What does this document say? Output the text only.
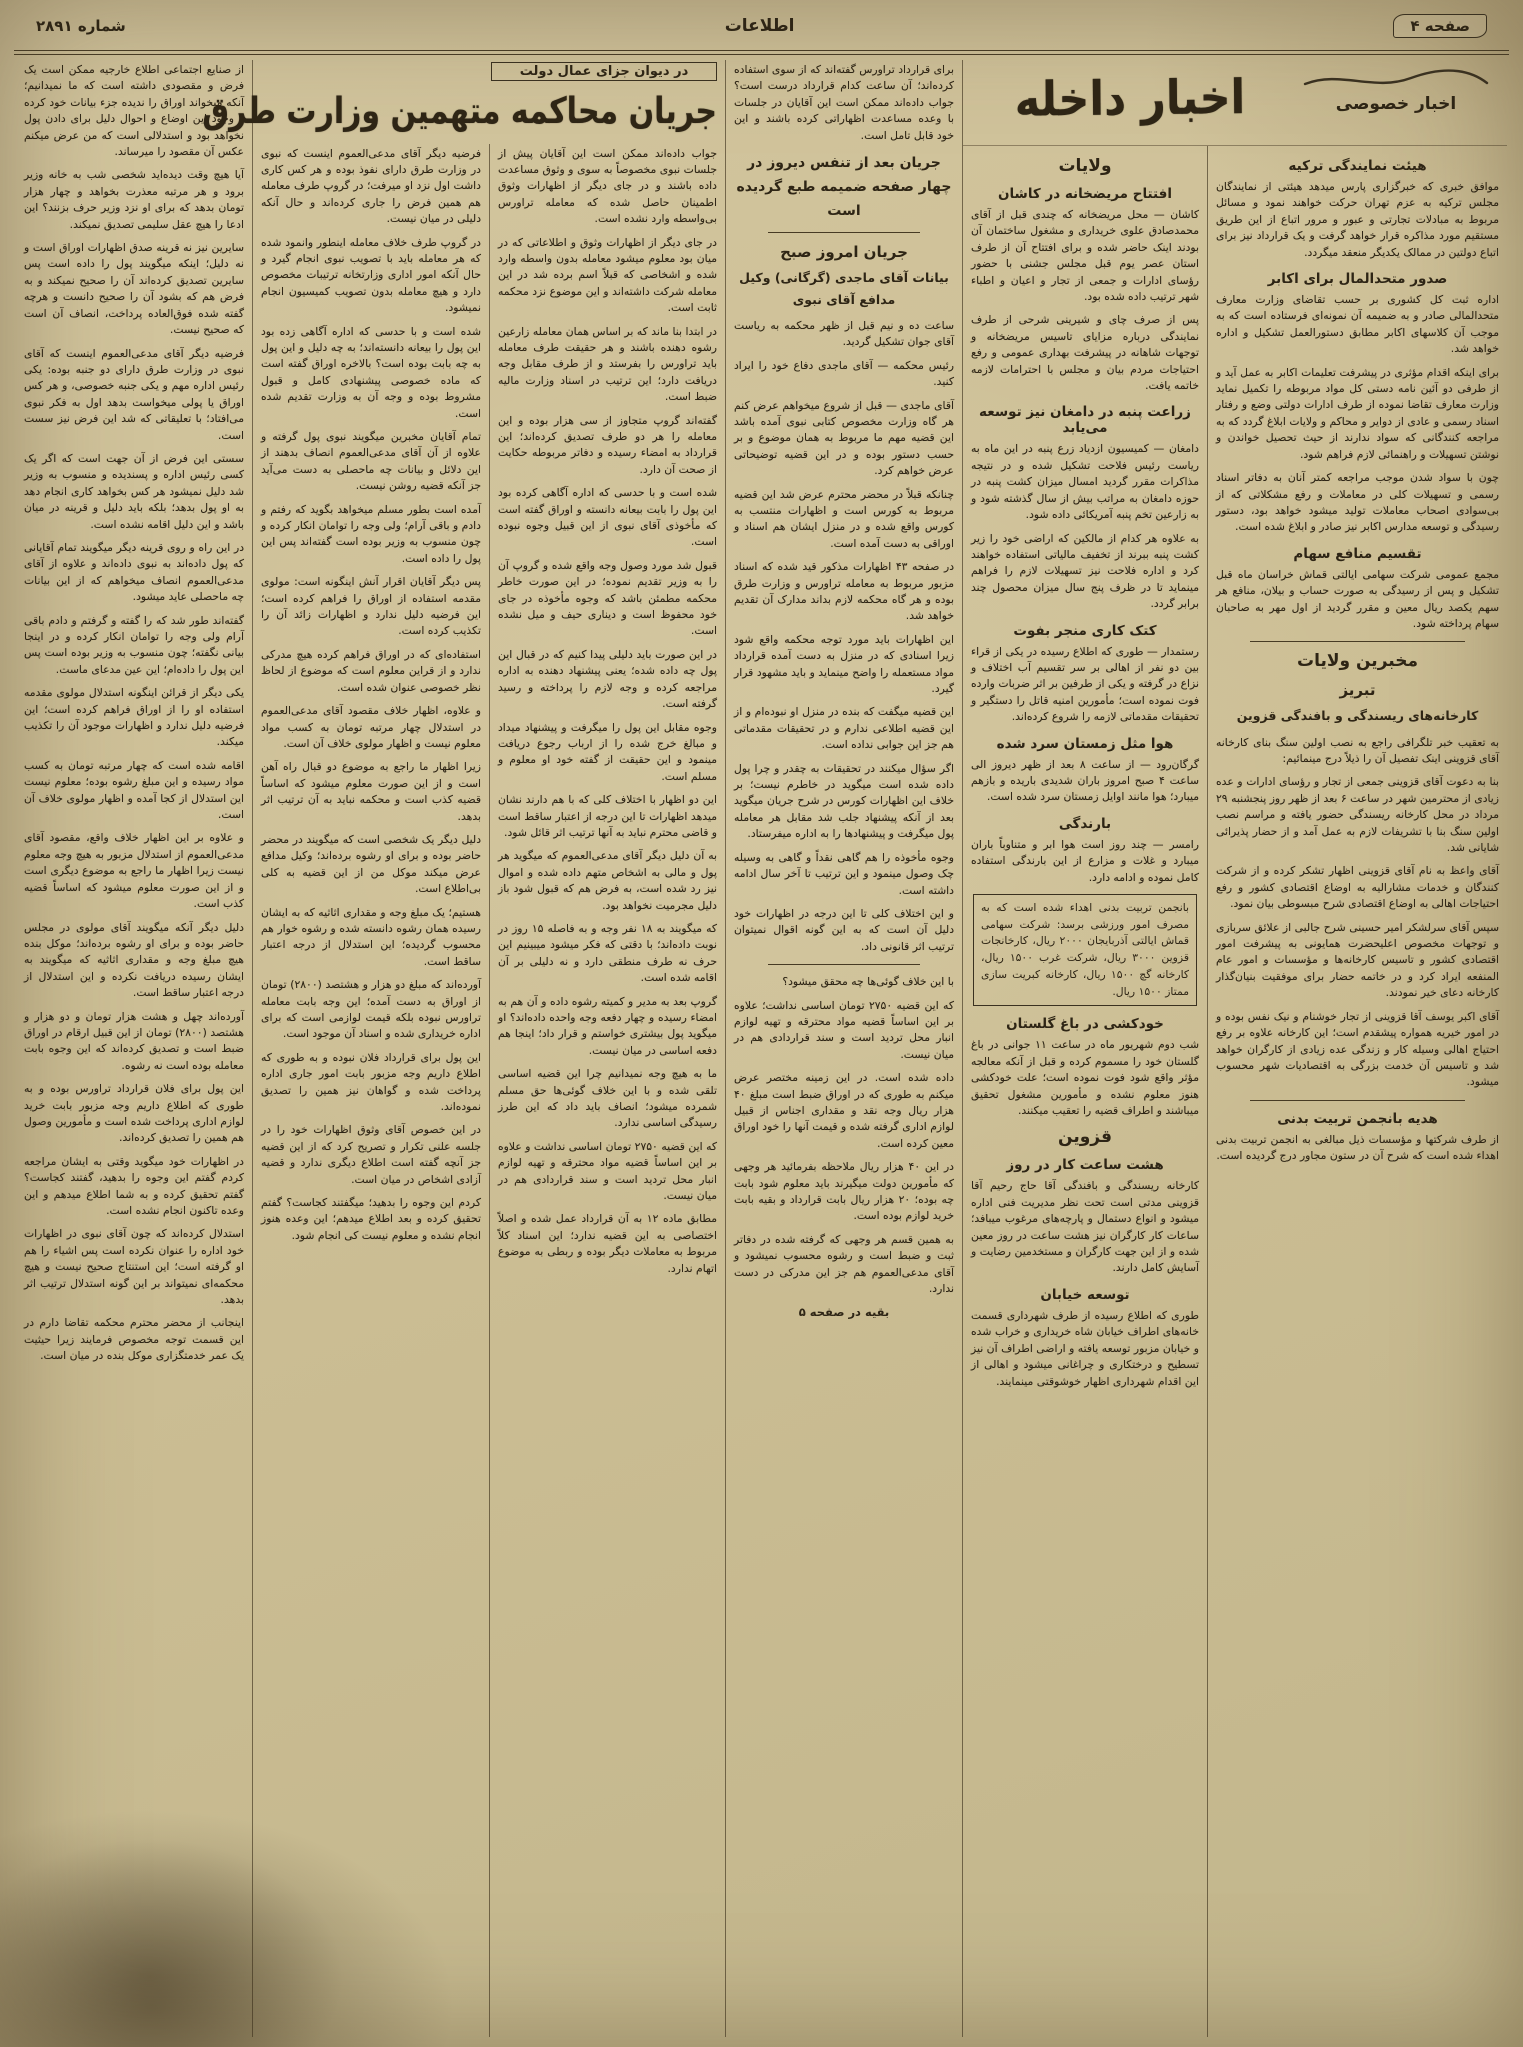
صفحه ۴
اطلاعات
شماره ۲۸۹۱
اخبار خصوصی
اخبار داخله
هیئت نمایندگی ترکیه
موافق خبری که خبرگزاری پارس میدهد هیئتی از نمایندگان مجلس ترکیه به عزم تهران حرکت خواهند نمود و مسائل مربوط به مبادلات تجارتی و عبور و مرور اتباع از این طریق مستقیم مورد مذاکره قرار خواهد گرفت و یک قرارداد نیز برای اتباع دولتین در ممالک یکدیگر منعقد میگردد.
صدور متحدالمال برای اکابر
اداره ثبت کل کشوری بر حسب تقاضای وزارت معارف متحدالمالی صادر و به ضمیمه آن نمونه‌ای فرستاده است که به موجب آن کلاسهای اکابر مطابق دستورالعمل تشکیل و اداره خواهد شد.
برای اینکه اقدام مؤثری در پیشرفت تعلیمات اکابر به عمل آید و از طرفی دو آئین نامه دستی کل مواد مربوطه را تکمیل نماید وزارت معارف تقاضا نموده از طرف ادارات دولتی وضع و رفتار اسناد رسمی و عادی از دوایر و محاکم و ولایات ابلاغ گردد که به مراجعه کنندگانی که سواد ندارند از حیث تحصیل خواندن و نوشتن تسهیلات و راهنمائی لازم فراهم شود.
چون با سواد شدن موجب مراجعه کمتر آنان به دفاتر اسناد رسمی و تسهیلات کلی در معاملات و رفع مشکلاتی که از بی‌سوادی اصحاب معاملات تولید میشود خواهد بود، دستور رسیدگی و توسعه مدارس اکابر نیز صادر و ابلاغ شده است.
تقسیم منافع سهام
مجمع عمومی شرکت سهامی ایالتی قماش خراسان ماه قبل تشکیل و پس از رسیدگی به صورت حساب و بیلان، منافع هر سهم یکصد ریال معین و مقرر گردید از اول مهر به صاحبان سهام پرداخته شود.
مخبرین ولایات
تبریز
کارخانه‌های ریسندگی و بافندگی قزوین
به تعقیب خبر تلگرافی راجع به نصب اولین سنگ بنای کارخانه آقای قزوینی اینک تفصیل آن را ذیلاً درج مینمائیم:
بنا به دعوت آقای قزوینی جمعی از تجار و رؤسای ادارات و عده زیادی از محترمین شهر در ساعت ۶ بعد از ظهر روز پنجشنبه ۲۹ مرداد در محل کارخانه ریسندگی حضور یافته و مراسم نصب اولین سنگ بنا با تشریفات لازم به عمل آمد و از حضار پذیرائی شایانی شد.
آقای واعظ به نام آقای قزوینی اظهار تشکر کرده و از شرکت کنندگان و خدمات مشارالیه به اوضاع اقتصادی کشور و رفع احتیاجات اهالی به اوضاع اقتصادی شرح مبسوطی بیان نمود.
سپس آقای سرلشکر امیر حسینی شرح جالبی از علائق سربازی و توجهات مخصوص اعلیحضرت همایونی به پیشرفت امور اقتصادی کشور و تاسیس کارخانه‌ها و مؤسسات و امور عام المنفعه ایراد کرد و در خاتمه حضار برای موفقیت بنیان‌گذار کارخانه دعای خیر نمودند.
آقای اکبر یوسف آقا قزوینی از تجار خوشنام و نیک نفس بوده و در امور خیریه همواره پیشقدم است؛ این کارخانه علاوه بر رفع احتیاج اهالی وسیله کار و زندگی عده زیادی از کارگران خواهد شد و تاسیس آن خدمت بزرگی به اقتصادیات شهر محسوب میشود.
هدیه بانجمن تربیت بدنی
از طرف شرکتها و مؤسسات ذیل مبالغی به انجمن تربیت بدنی اهداء شده است که شرح آن در ستون مجاور درج گردیده است.
ولایات
افتتاح مریضخانه در کاشان
کاشان — محل مریضخانه که چندی قبل از آقای محمدصادق علوی خریداری و مشغول ساختمان آن بودند اینک حاضر شده و برای افتتاح آن از طرف استان عصر یوم قبل مجلس جشنی با حضور رؤسای ادارات و جمعی از تجار و اعیان و اطباء شهر ترتیب داده شده بود.
پس از صرف چای و شیرینی شرحی از طرف نمایندگی درباره مزایای تاسیس مریضخانه و توجهات شاهانه در پیشرفت بهداری عمومی و رفع احتیاجات مردم بیان و مجلس با احترامات لازمه خاتمه یافت.
زراعت پنبه در دامغان نیز توسعه می‌یابد
دامغان — کمیسیون ازدیاد زرع پنبه در این ماه به ریاست رئیس فلاحت تشکیل شده و در نتیجه مذاکرات مقرر گردید امسال میزان کشت پنبه در حوزه دامغان به مراتب بیش از سال گذشته شود و به زارعین تخم پنبه آمریکائی داده شود.
به علاوه هر کدام از مالکین که اراضی خود را زیر کشت پنبه ببرند از تخفیف مالیاتی استفاده خواهند کرد و اداره فلاحت نیز تسهیلات لازم را فراهم مینماید تا در ظرف پنج سال میزان محصول چند برابر گردد.
کتک کاری منجر بفوت
رستمدار — طوری که اطلاع رسیده در یکی از قراء بین دو نفر از اهالی بر سر تقسیم آب اختلاف و نزاع در گرفته و یکی از طرفین بر اثر ضربات وارده فوت نموده است؛ مأمورین امنیه قاتل را دستگیر و تحقیقات مقدماتی لازمه را شروع کرده‌اند.
هوا مثل زمستان سرد شده
گرگان‌رود — از ساعت ۸ بعد از ظهر دیروز الی ساعت ۴ صبح امروز باران شدیدی باریده و بازهم میبارد؛ هوا مانند اوایل زمستان سرد شده است.
بارندگی
رامسر — چند روز است هوا ابر و متناوباً باران میبارد و غلات و مزارع از این بارندگی استفاده کامل نموده و ادامه دارد.
بانجمن تربیت بدنی اهداء شده است که به مصرف امور ورزشی برسد: شرکت سهامی قماش ایالتی آذربایجان ۲۰۰۰ ریال، کارخانجات قزوین ۳۰۰۰ ریال، شرکت غرب ۱۵۰۰ ریال، کارخانه گچ ۱۵۰۰ ریال، کارخانه کبریت سازی ممتاز ۱۵۰۰ ریال.
خودکشی در باغ گلستان
شب دوم شهریور ماه در ساعت ۱۱ جوانی در باغ گلستان خود را مسموم کرده و قبل از آنکه معالجه مؤثر واقع شود فوت نموده است؛ علت خودکشی هنوز معلوم نشده و مأمورین مشغول تحقیق میباشند و اطراف قضیه را تعقیب میکنند.
قزوین
هشت ساعت کار در روز
کارخانه ریسندگی و بافندگی آقا حاج رحیم آقا قزوینی مدتی است تحت نظر مدیریت فنی اداره میشود و انواع دستمال و پارچه‌های مرغوب میبافد؛ ساعات کار کارگران نیز هشت ساعت در روز معین شده و از این جهت کارگران و مستخدمین رضایت و آسایش کامل دارند.
توسعه خیابان
طوری که اطلاع رسیده از طرف شهرداری قسمت خانه‌های اطراف خیابان شاه خریداری و خراب شده و خیابان مزبور توسعه یافته و اراضی اطراف آن نیز تسطیح و درختکاری و چراغانی میشود و اهالی از این اقدام شهرداری اظهار خوشوقتی مینمایند.
برای قرارداد تراورس گفته‌اند که از سوی استفاده کرده‌اند؛ آن ساعت کدام قرارداد درست است؟ جواب داده‌اند ممکن است این آقایان در جلسات با وعده مساعدت اظهاراتی کرده باشند و این خود قابل تامل است.
جریان بعد از تنفس دیروز در چهار صفحه ضمیمه طبع گردیده است
جریان امروز صبح
بیانات آقای ماجدی (گرگانی) وکیل مدافع آقای نبوی
ساعت ده و نیم قبل از ظهر محکمه به ریاست آقای جوان تشکیل گردید.
رئیس محکمه — آقای ماجدی دفاع خود را ایراد کنید.
آقای ماجدی — قبل از شروع میخواهم عرض کنم هر گاه وزارت مخصوص کتابی نبوی آمده باشد این قضیه مهم ما مربوط به همان موضوع و بر حسب دستور بوده و در این قضیه توضیحاتی عرض خواهم کرد.
چنانکه قبلاً در محضر محترم عرض شد این قضیه مربوط به کورس است و اظهارات منتسب به کورس واقع شده و در منزل ایشان هم اسناد و اوراقی به دست آمده است.
در صفحه ۴۳ اظهارات مذکور قید شده که اسناد مزبور مربوط به معامله تراورس و وزارت طرق بوده و هر گاه محکمه لازم بداند مدارک آن تقدیم خواهد شد.
این اظهارات باید مورد توجه محکمه واقع شود زیرا اسنادی که در منزل به دست آمده قرارداد مواد مستعمله را واضح مینماید و باید مشهود قرار گیرد.
این قضیه میگفت که بنده در منزل او نبوده‌ام و از این قضیه اطلاعی ندارم و در تحقیقات مقدماتی هم جز این جوابی نداده است.
اگر سؤال میکنند در تحقیقات به چقدر و چرا پول داده شده است میگوید در خاطرم نیست؛ بر خلاف این اظهارات کورس در شرح جریان میگوید بعد از آنکه پیشنهاد جلب شد مقابل هر معامله پول میگرفت و پیشنهادها را به اداره میفرستاد.
وجوه مأخوذه را هم گاهی نقداً و گاهی به وسیله چک وصول مینمود و این ترتیب تا آخر سال ادامه داشته است.
و این اختلاف کلی تا این درجه در اظهارات خود دلیل آن است که به این گونه اقوال نمیتوان ترتیب اثر قانونی داد.
با این خلاف گوئی‌ها چه محقق میشود؟
که این قضیه ۲۷۵۰ تومان اساسی نداشت؛ علاوه بر این اساساً قضیه مواد محترقه و تهیه لوازم انبار محل تردید است و سند قراردادی هم در میان نیست.
داده شده است. در این زمینه مختصر عرض میکنم به طوری که در اوراق ضبط است مبلغ ۴۰ هزار ریال وجه نقد و مقداری اجناس از قبیل لوازم اداری گرفته شده و قیمت آنها را خود اوراق معین کرده است.
در این ۴۰ هزار ریال ملاحظه بفرمائید هر وجهی که مأمورین دولت میگیرند باید معلوم شود بابت چه بوده؛ ۲۰ هزار ریال بابت قرارداد و بقیه بابت خرید لوازم بوده است.
به همین قسم هر وجهی که گرفته شده در دفاتر ثبت و ضبط است و رشوه محسوب نمیشود و آقای مدعی‌العموم هم جز این مدرکی در دست ندارد.
بقیه در صفحه ۵
در دیوان جزای عمال دولت
جریان محاکمه متهمین وزارت طرق
جواب داده‌اند ممکن است این آقایان پیش از جلسات نبوی مخصوصاً به سوی و وثوق مساعدت داده باشند و در جای دیگر از اظهارات وثوق اطمینان حاصل شده که معامله تراورس بی‌واسطه وارد نشده است.
در جای دیگر از اظهارات وثوق و اطلاعاتی که در میان بود معلوم میشود معامله بدون واسطه وارد شده و اشخاصی که قبلاً اسم برده شد در این معامله شرکت داشته‌اند و این موضوع نزد محکمه ثابت است.
در ابتدا بنا ماند که بر اساس همان معامله زارعین رشوه دهنده باشند و هر حقیقت طرف معامله باید تراورس را بفرستد و از طرف مقابل وجه دریافت دارد؛ این ترتیب در اسناد وزارت مالیه ضبط است.
گفته‌اند گروپ متجاوز از سی هزار بوده و این معامله را هر دو طرف تصدیق کرده‌اند؛ این قرارداد به امضاء رسیده و دفاتر مربوطه حکایت از صحت آن دارد.
شده است و با حدسی که اداره آگاهی کرده بود این پول را بابت بیعانه دانسته و اوراق گفته است که مأخوذی آقای نبوی از این قبیل وجوه نبوده است.
قبول شد مورد وصول وجه واقع شده و گروپ آن را به وزیر تقدیم نموده؛ در این صورت خاطر محکمه مطمئن باشد که وجوه مأخوذه در جای خود محفوظ است و دیناری حیف و میل نشده است.
در این صورت باید دلیلی پیدا کنیم که در قبال این پول چه داده شده؛ یعنی پیشنهاد دهنده به اداره مراجعه کرده و وجه لازم را پرداخته و رسید گرفته است.
وجوه مقابل این پول را میگرفت و پیشنهاد میداد و مبالغ خرج شده را از ارباب رجوع دریافت مینمود و این حقیقت از گفته خود او معلوم و مسلم است.
این دو اظهار با اختلاف کلی که با هم دارند نشان میدهد اظهارات تا این درجه از اعتبار ساقط است و قاضی محترم نباید به آنها ترتیب اثر قائل شود.
به آن دلیل دیگر آقای مدعی‌العموم که میگوید هر پول و مالی به اشخاص متهم داده شده و اموال نیز رد شده است، به فرض هم که قبول شود باز دلیل مجرمیت نخواهد بود.
که میگویند به ۱۸ نفر وجه و به فاصله ۱۵ روز در نوبت داده‌اند؛ با دقتی که فکر میشود میبینیم این حرف نه طرف منطقی دارد و نه دلیلی بر آن اقامه شده است.
گروپ بعد به مدیر و کمیته رشوه داده و آن هم به امضاء رسیده و چهار دفعه وجه واحده داده‌اند؟ او میگوید پول بیشتری خواستم و قرار داد؛ اینجا هم دفعه اساسی در میان نیست.
ما به هیچ وجه نمیدانیم چرا این قضیه اساسی تلقی شده و با این خلاف گوئی‌ها حق مسلم شمرده میشود؛ انصاف باید داد که این طرز رسیدگی اساسی ندارد.
که این قضیه ۲۷۵۰ تومان اساسی نداشت و علاوه بر این اساساً قضیه مواد محترقه و تهیه لوازم انبار محل تردید است و سند قراردادی هم در میان نیست.
مطابق ماده ۱۲ به آن قرارداد عمل شده و اصلاً اختصاصی به این قضیه ندارد؛ این اسناد کلاً مربوط به معاملات دیگر بوده و ربطی به موضوع اتهام ندارد.
فرضیه دیگر آقای مدعی‌العموم اینست که نبوی در وزارت طرق دارای نفوذ بوده و هر کس کاری داشت اول نزد او میرفت؛ در گروپ طرف معامله هم همین فرض را جاری کرده‌اند و حال آنکه دلیلی در میان نیست.
در گروپ طرف خلاف معامله اینطور وانمود شده که هر معامله باید با تصویب نبوی انجام گیرد و حال آنکه امور اداری وزارتخانه ترتیبات مخصوص دارد و هیچ معامله بدون تصویب کمیسیون انجام نمیشود.
شده است و با حدسی که اداره آگاهی زده بود این پول را بیعانه دانسته‌اند؛ به چه دلیل و این پول به چه بابت بوده است؟ بالاخره اوراق گفته است که ماده خصوصی پیشنهادی کامل و قبول مشروط بوده و وجه آن به وزارت تقدیم شده است.
تمام آقایان مخبرین میگویند نبوی پول گرفته و علاوه از آن آقای مدعی‌العموم انصاف بدهند از این دلائل و بیانات چه ماحصلی به دست می‌آید جز آنکه قضیه روشن نیست.
آمده است بطور مسلم میخواهد بگوید که رفتم و دادم و باقی آرام؛ ولی وجه را توامان انکار کرده و چون منسوب به وزیر بوده است گفته‌اند پس این پول را داده است.
پس دیگر آقایان اقرار آنش اینگونه است: مولوی مقدمه استفاده از اوراق را فراهم کرده است؛ این فرضیه دلیل ندارد و اظهارات زائد آن را تکذیب کرده است.
استفاده‌ای که در اوراق فراهم کرده هیچ مدرکی ندارد و از قراین معلوم است که موضوع از لحاظ نظر خصوصی عنوان شده است.
و علاوه، اظهار خلاف مقصود آقای مدعی‌العموم در استدلال چهار مرتبه تومان به کسب مواد معلوم نیست و اظهار مولوی خلاف آن است.
زیرا اظهار ما راجع به موضوع دو قبال راه آهن است و از این صورت معلوم میشود که اساساً قضیه کذب است و محکمه نباید به آن ترتیب اثر بدهد.
دلیل دیگر یک شخصی است که میگویند در محضر حاضر بوده و برای او رشوه برده‌اند؛ وکیل مدافع عرض میکند موکل من از این قضیه به کلی بی‌اطلاع است.
هستیم؛ یک مبلغ وجه و مقداری اثاثیه که به ایشان رسیده همان رشوه دانسته شده و رشوه خوار هم محسوب گردیده؛ این استدلال از درجه اعتبار ساقط است.
آورده‌اند که مبلغ دو هزار و هشتصد (۲۸۰۰) تومان از اوراق به دست آمده؛ این وجه بابت معامله تراورس نبوده بلکه قیمت لوازمی است که برای اداره خریداری شده و اسناد آن موجود است.
این پول برای قرارداد فلان نبوده و به طوری که اطلاع داریم وجه مزبور بابت امور جاری اداره پرداخت شده و گواهان نیز همین را تصدیق نموده‌اند.
در این خصوص آقای وثوق اظهارات خود را در جلسه علنی تکرار و تصریح کرد که از این قضیه جز آنچه گفته است اطلاع دیگری ندارد و قضیه آزادی اشخاص در میان است.
کردم این وجوه را بدهید؛ میگفتند کجاست؟ گفتم تحقیق کرده و بعد اطلاع میدهم؛ این وعده هنوز انجام نشده و معلوم نیست کی انجام شود.
از صنایع اجتماعی اطلاع خارجیه ممکن است یک فرض و مقصودی داشته است که ما نمیدانیم؛ آنکه میخواند اوراق را ندیده جزء بیانات خود کرده و وجود این اوضاع و احوال دلیل برای دادن پول نخواهد بود و استدلالی است که من عرض میکنم عکس آن مقصود را میرساند.
آیا هیچ وقت دیده‌اید شخصی شب به خانه وزیر برود و هر مرتبه معذرت بخواهد و چهار هزار تومان بدهد که برای او نزد وزیر حرف بزنند؟ این ادعا را هیچ عقل سلیمی تصدیق نمیکند.
سایرین نیز نه قرینه صدق اظهارات اوراق است و نه دلیل؛ اینکه میگویند پول را داده است پس سایرین تصدیق کرده‌اند آن را صحیح نمیکند و به فرض هم که بشود آن را صحیح دانست و هرچه گفته شده فوق‌العاده پرداخت، انصاف آن است که صحیح نیست.
فرضیه دیگر آقای مدعی‌العموم اینست که آقای نبوی در وزارت طرق دارای دو جنبه بوده: یکی رئیس اداره مهم و یکی جنبه خصوصی، و هر کس اوراق یا پولی میخواست بدهد اول به فکر نبوی می‌افتاد؛ با تعلیقاتی که شد این فرض نیز سست است.
سستی این فرض از آن جهت است که اگر یک کسی رئیس اداره و پسندیده و منسوب به وزیر شد دلیل نمیشود هر کس بخواهد کاری انجام دهد به او پول بدهد؛ بلکه باید دلیل و قرینه در میان باشد و این دلیل اقامه نشده است.
در این راه و روی قرینه دیگر میگویند تمام آقایانی که پول داده‌اند به نبوی داده‌اند و علاوه از آقای مدعی‌العموم انصاف میخواهم که از این بیانات چه ماحصلی عاید میشود.
گفته‌اند طور شد که را گفته و گرفتم و دادم باقی آرام ولی وجه را توامان انکار کرده و در اینجا بیانی نگفته؛ چون منسوب به وزیر بوده است پس این پول را داده‌ام؛ این عین مدعای ماست.
یکی دیگر از قرائن اینگونه استدلال مولوی مقدمه استفاده او را از اوراق فراهم کرده است؛ این فرضیه دلیل ندارد و اظهارات موجود آن را تکذیب میکند.
اقامه شده است که چهار مرتبه تومان به کسب مواد رسیده و این مبلغ رشوه بوده؛ معلوم نیست این استدلال از کجا آمده و اظهار مولوی خلاف آن است.
و علاوه بر این اظهار خلاف واقع، مقصود آقای مدعی‌العموم از استدلال مزبور به هیچ وجه معلوم نیست زیرا اظهار ما راجع به موضوع دیگری است و از این صورت معلوم میشود که اساساً قضیه کذب است.
دلیل دیگر آنکه میگویند آقای مولوی در مجلس حاضر بوده و برای او رشوه برده‌اند؛ موکل بنده هیچ مبلغ وجه و مقداری اثاثیه که میگویند به ایشان رسیده دریافت نکرده و این استدلال از درجه اعتبار ساقط است.
آورده‌اند چهل و هشت هزار تومان و دو هزار و هشتصد (۲۸۰۰) تومان از این قبیل ارقام در اوراق ضبط است و تصدیق کرده‌اند که این وجوه بابت معامله بوده است نه رشوه.
این پول برای فلان قرارداد تراورس بوده و به طوری که اطلاع داریم وجه مزبور بابت خرید لوازم اداری پرداخت شده است و مأمورین وصول هم همین را تصدیق کرده‌اند.
در اظهارات خود میگوید وقتی به ایشان مراجعه کردم گفتم این وجوه را بدهید، گفتند کجاست؟ گفتم تحقیق کرده و به شما اطلاع میدهم و این وعده تاکنون انجام نشده است.
استدلال کرده‌اند که چون آقای نبوی در اظهارات خود اداره را عنوان نکرده است پس اشیاء را هم او گرفته است؛ این استنتاج صحیح نیست و هیچ محکمه‌ای نمیتواند بر این گونه استدلال ترتیب اثر بدهد.
اینجانب از محضر محترم محکمه تقاضا دارم در این قسمت توجه مخصوص فرمایند زیرا حیثیت یک عمر خدمتگزاری موکل بنده در میان است.
